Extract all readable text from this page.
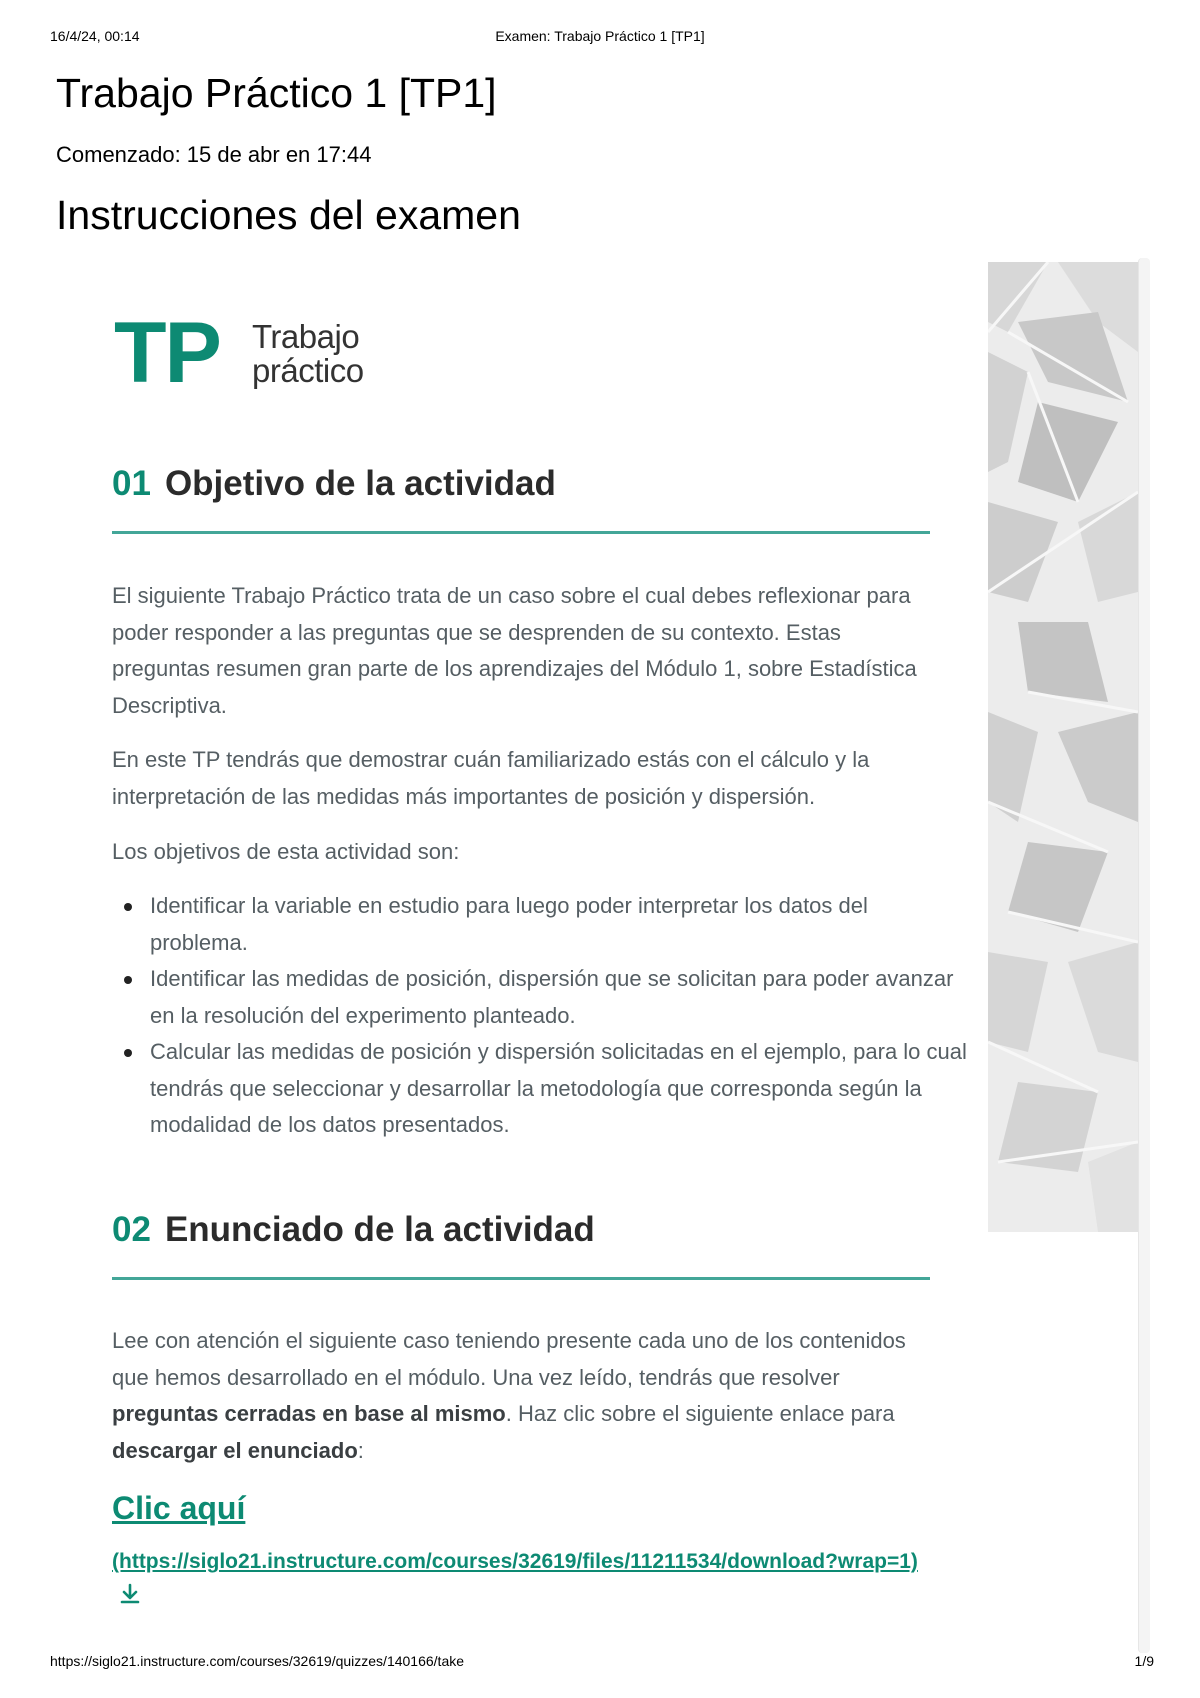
16/4/24, 00:14	Examen: Trabajo Práctico 1 [TP1]
Trabajo Práctico 1 [TP1]
Comenzado: 15 de abr en 17:44
Instrucciones del examen
TP Trabajo
práctico
01 Objetivo de la actividad

El siguiente Trabajo Práctico trata de un caso sobre el cual debes reflexionar para poder responder a las preguntas que se desprenden de su contexto. Estas preguntas resumen gran parte de los aprendizajes del Módulo 1, sobre Estadística Descriptiva.

En este TP tendrás que demostrar cuán familiarizado estás con el cálculo y la interpretación de las medidas más importantes de posición y dispersión.

Los objetivos de esta actividad son:

Identificar la variable en estudio para luego poder interpretar los datos del problema.
Identificar las medidas de posición, dispersión que se solicitan para poder avanzar en la resolución del experimento planteado.
Calcular las medidas de posición y dispersión solicitadas en el ejemplo, para lo cual tendrás que seleccionar y desarrollar la metodología que corresponda según la modalidad de los datos presentados.
02 Enunciado de la actividad

Lee con atención el siguiente caso teniendo presente cada uno de los contenidos que hemos desarrollado en el módulo. Una vez leído, tendrás que resolver preguntas cerradas en base al mismo. Haz clic sobre el siguiente enlace para descargar el enunciado:

Clic aquí
(https://siglo21.instructure.com/courses/32619/files/11211534/download?wrap=1)
https://siglo21.instructure.com/courses/32619/quizzes/140166/take	1/9
